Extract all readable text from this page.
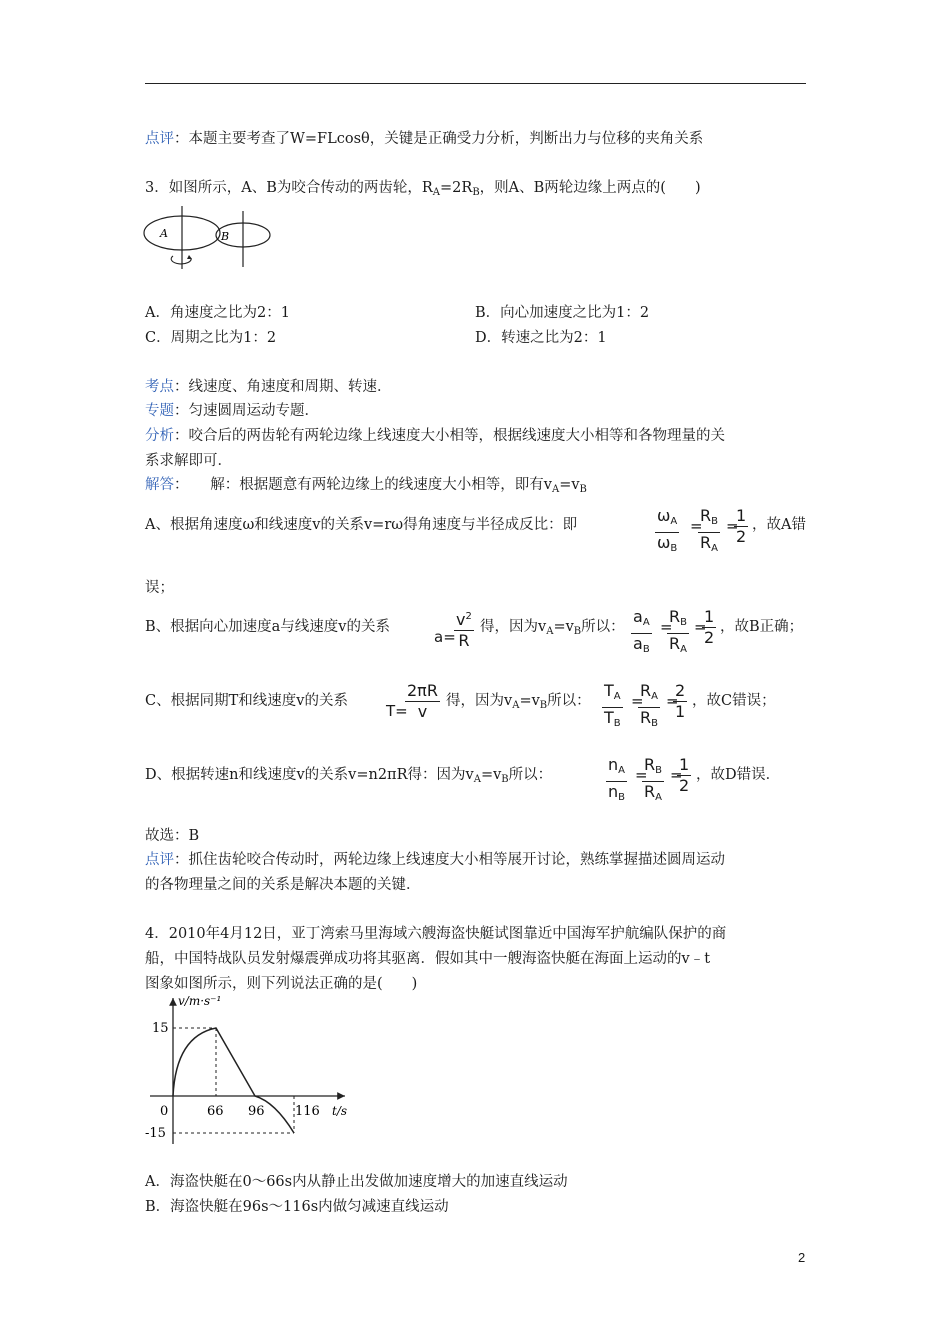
点评：本题主要考查了W=FLcosθ，关键是正确受力分析，判断出力与位移的夹角关系
3．如图所示，A、B为咬合传动的两齿轮，$R_A=2R_B$，则A、B两轮边缘上两点的(　　)
A	B
A．角速度之比为2：1	B．向心加速度之比为1：2
C．周期之比为1：2	D．转速之比为2：1
考点：线速度、角速度和周期、转速．
专题：匀速圆周运动专题．
分析：咬合后的两齿轮有两轮边缘上线速度大小相等，根据线速度大小相等和各物理量的关
系求解即可．
解答：　　解：根据题意有两轮边缘上的线速度大小相等，即有$v_A=v_B$
A、根据角速度ω和线速度v的关系v=rω得角速度与半径成反比：即	$\frac{\omega_A}{\omega_B}$ =
$\frac{R_B}{R_A}$ =
$\frac{1}{2}$ ，故A错
误；
B、根据向心加速度a与线速度v的关系
a=
$\frac{v^2}{R}$ 得，因为$v_A=v_B$所以： $\frac{a_A}{a_B}$ =
$\frac{R_B}{R_A}$ =
$\frac{1}{2}$ ，故B正确；
C、根据同期T和线速度v的关系
T=
$\frac{2\pi R}{v}$ 得，因为$v_A=v_B$所以： $\frac{T_A}{T_B}$ =
$\frac{R_A}{R_B}$ =
$\frac{2}{1}$ ，故C错误；
D、根据转速n和线速度v的关系v=n2πR得：因为$v_A=v_B$所以：	$\frac{n_A}{n_B}$ =
$\frac{R_B}{R_A}$ =
$\frac{1}{2}$ ，故D错误．
故选：B
点评：抓住齿轮咬合传动时，两轮边缘上线速度大小相等展开讨论，熟练掌握描述圆周运动
的各物理量之间的关系是解决本题的关键．
4．2010年4月12日，亚丁湾索马里海域六艘海盗快艇试图靠近中国海军护航编队保护的商
船，中国特战队员发射爆震弹成功将其驱离．假如其中一艘海盗快艇在海面上运动的v﹣t
图象如图所示，则下列说法正确的是(　　)
v/m·s⁻¹
t/s
15
-15
0	66 96 116
A．海盗快艇在0～66s内从静止出发做加速度增大的加速直线运动
B．海盗快艇在96s～116s内做匀减速直线运动
2
